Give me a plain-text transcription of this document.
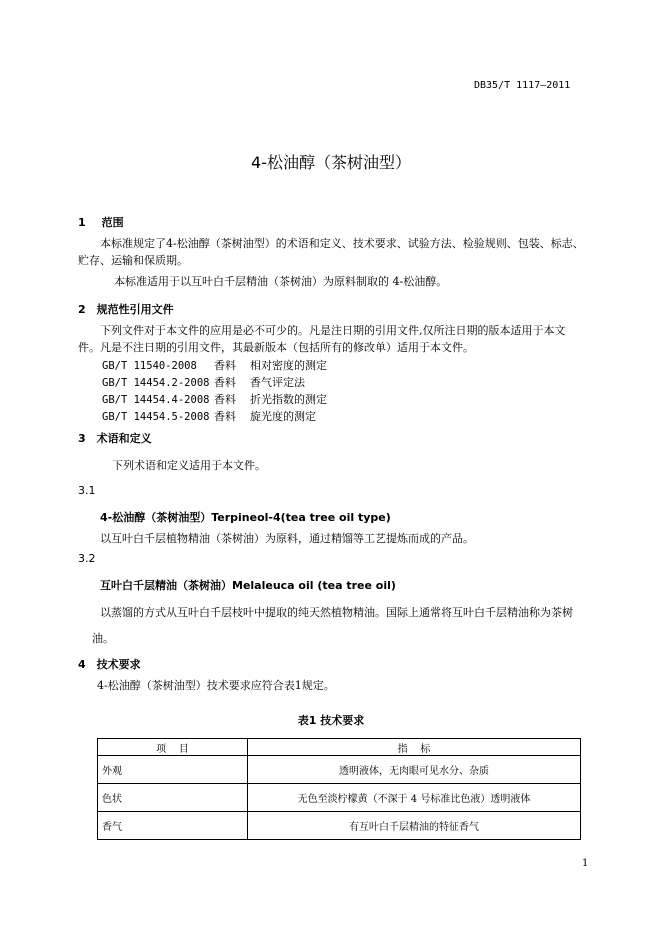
DB35/T 1117—2011
4-松油醇（茶树油型）
1 范围
本标准规定了4-松油醇（茶树油型）的术语和定义、技术要求、试验方法、检验规则、包装、标志、
贮存、运输和保质期。
本标准适用于以互叶白千层精油（茶树油）为原料制取的 4-松油醇。
2 规范性引用文件
下列文件对于本文件的应用是必不可少的。凡是注日期的引用文件,仅所注日期的版本适用于本文
件。凡是不注日期的引用文件，其最新版本（包括所有的修改单）适用于本文件。
GB/T 11540-2008 香料 相对密度的测定
GB/T 14454.2-2008 香料 香气评定法
GB/T 14454.4-2008 香料 折光指数的测定
GB/T 14454.5-2008 香料 旋光度的测定
3 术语和定义
下列术语和定义适用于本文件。
3.1
4-松油醇（茶树油型）Terpineol-4(tea tree oil type)
以互叶白千层植物精油（茶树油）为原料，通过精馏等工艺提炼而成的产品。
3.2
互叶白千层精油（茶树油）Melaleuca oil (tea tree oil)
以蒸馏的方式从互叶白千层枝叶中提取的纯天然植物精油。国际上通常将互叶白千层精油称为茶树
油。
4 技术要求
4-松油醇（茶树油型）技术要求应符合表1规定。
表1 技术要求
项    目	指    标
外观	透明液体，无肉眼可见水分、杂质
色状	无色至淡柠檬黄（不深于 4 号标准比色液）透明液体
香气	有互叶白千层精油的特征香气
1
